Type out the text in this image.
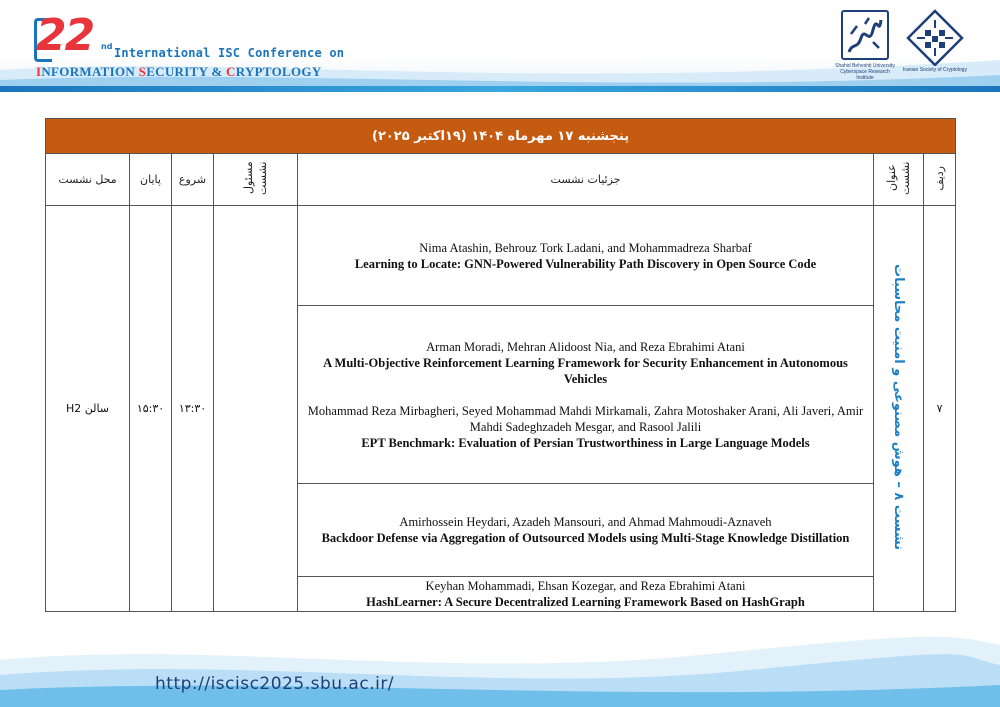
22 nd International ISC Conference on
INFORMATION SECURITY & CRYPTOLOGY	Shahid Beheshti University Cyberspace Research Institute
Iranian Society of Cryptology
پنجشنبه ۱۷ مهرماه ۱۴۰۴ (۱۹اکتبر ۲۰۲۵)						
محل نشست	پایان	شروع	مسئول نشست	جزئیات نشست	عنوان نشست	ردیف
سالن H2	۱۵:۳۰	۱۳:۳۰		Nima Atashin, Behrouz Tork Ladani, and Mohammadreza Sharbaf
Learning to Locate: GNN-Powered Vulnerability Path Discovery in Open Source Code	نشست ۸ – هوش مصنوعی و امنیت محاسبات	۷

				Arman Moradi, Mehran Alidoost Nia, and Reza Ebrahimi Atani
A Multi-Objective Reinforcement Learning Framework for Security Enhancement in Autonomous Vehicles
Mohammad Reza Mirbagheri, Seyed Mohammad Mahdi Mirkamali, Zahra Motoshaker Arani, Ali Javeri, Amir Mahdi Sadeghzadeh Mesgar, and Rasool Jalili
EPT Benchmark: Evaluation of Persian Trustworthiness in Large Language Models		

				Amirhossein Heydari, Azadeh Mansouri, and Ahmad Mahmoudi-Aznaveh
Backdoor Defense via Aggregation of Outsourced Models using Multi-Stage Knowledge Distillation		

				Keyhan Mohammadi, Ehsan Kozegar, and Reza Ebrahimi Atani
HashLearner: A Secure Decentralized Learning Framework Based on HashGraph		
http://iscisc2025.sbu.ac.ir/
